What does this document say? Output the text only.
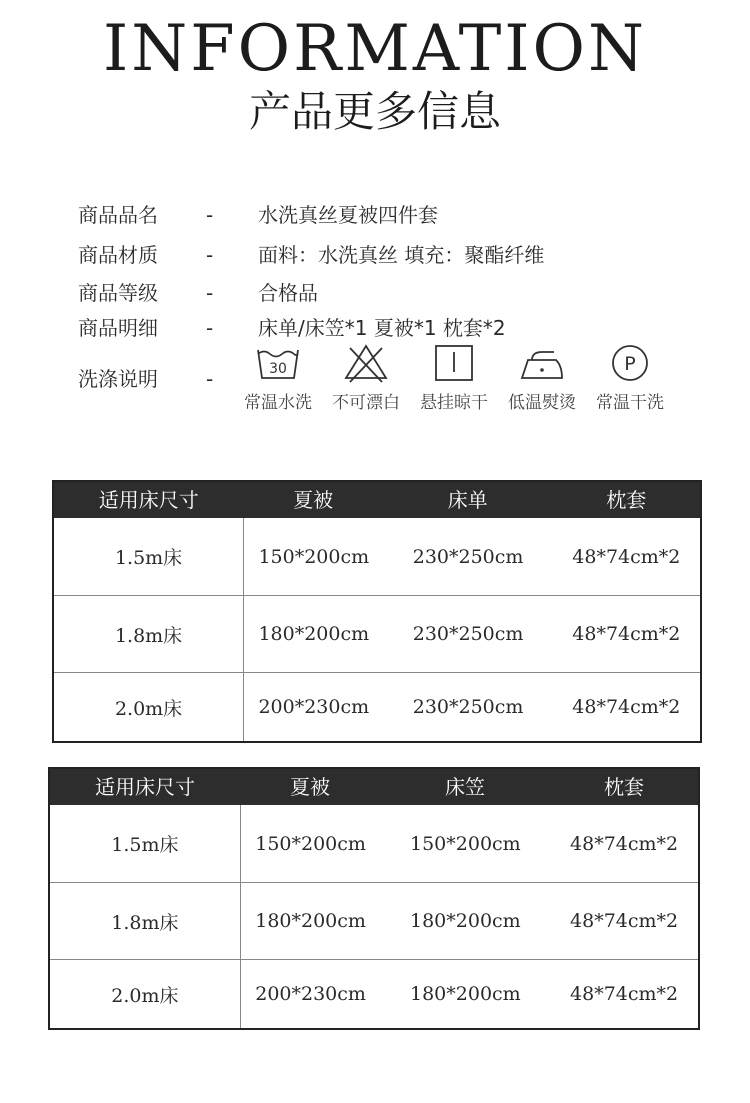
INFORMATION
产品更多信息
商品品名	-	水洗真丝夏被四件套
商品材质	-	面料：水洗真丝 填充：聚酯纤维
商品等级	-	合格品
商品明细	-	床单/床笠*1 夏被*1 枕套*2
洗涤说明	-	30
常温水洗 不可漂白 悬挂晾干 低温熨烫
P
常温干洗
适用床尺寸	夏被	床单	枕套
1.5m床	150*200cm	230*250cm	48*74cm*2
1.8m床	180*200cm	230*250cm	48*74cm*2
2.0m床	200*230cm	230*250cm	48*74cm*2
适用床尺寸	夏被	床笠	枕套
1.5m床	150*200cm	150*200cm	48*74cm*2
1.8m床	180*200cm	180*200cm	48*74cm*2
2.0m床	200*230cm	180*200cm	48*74cm*2
